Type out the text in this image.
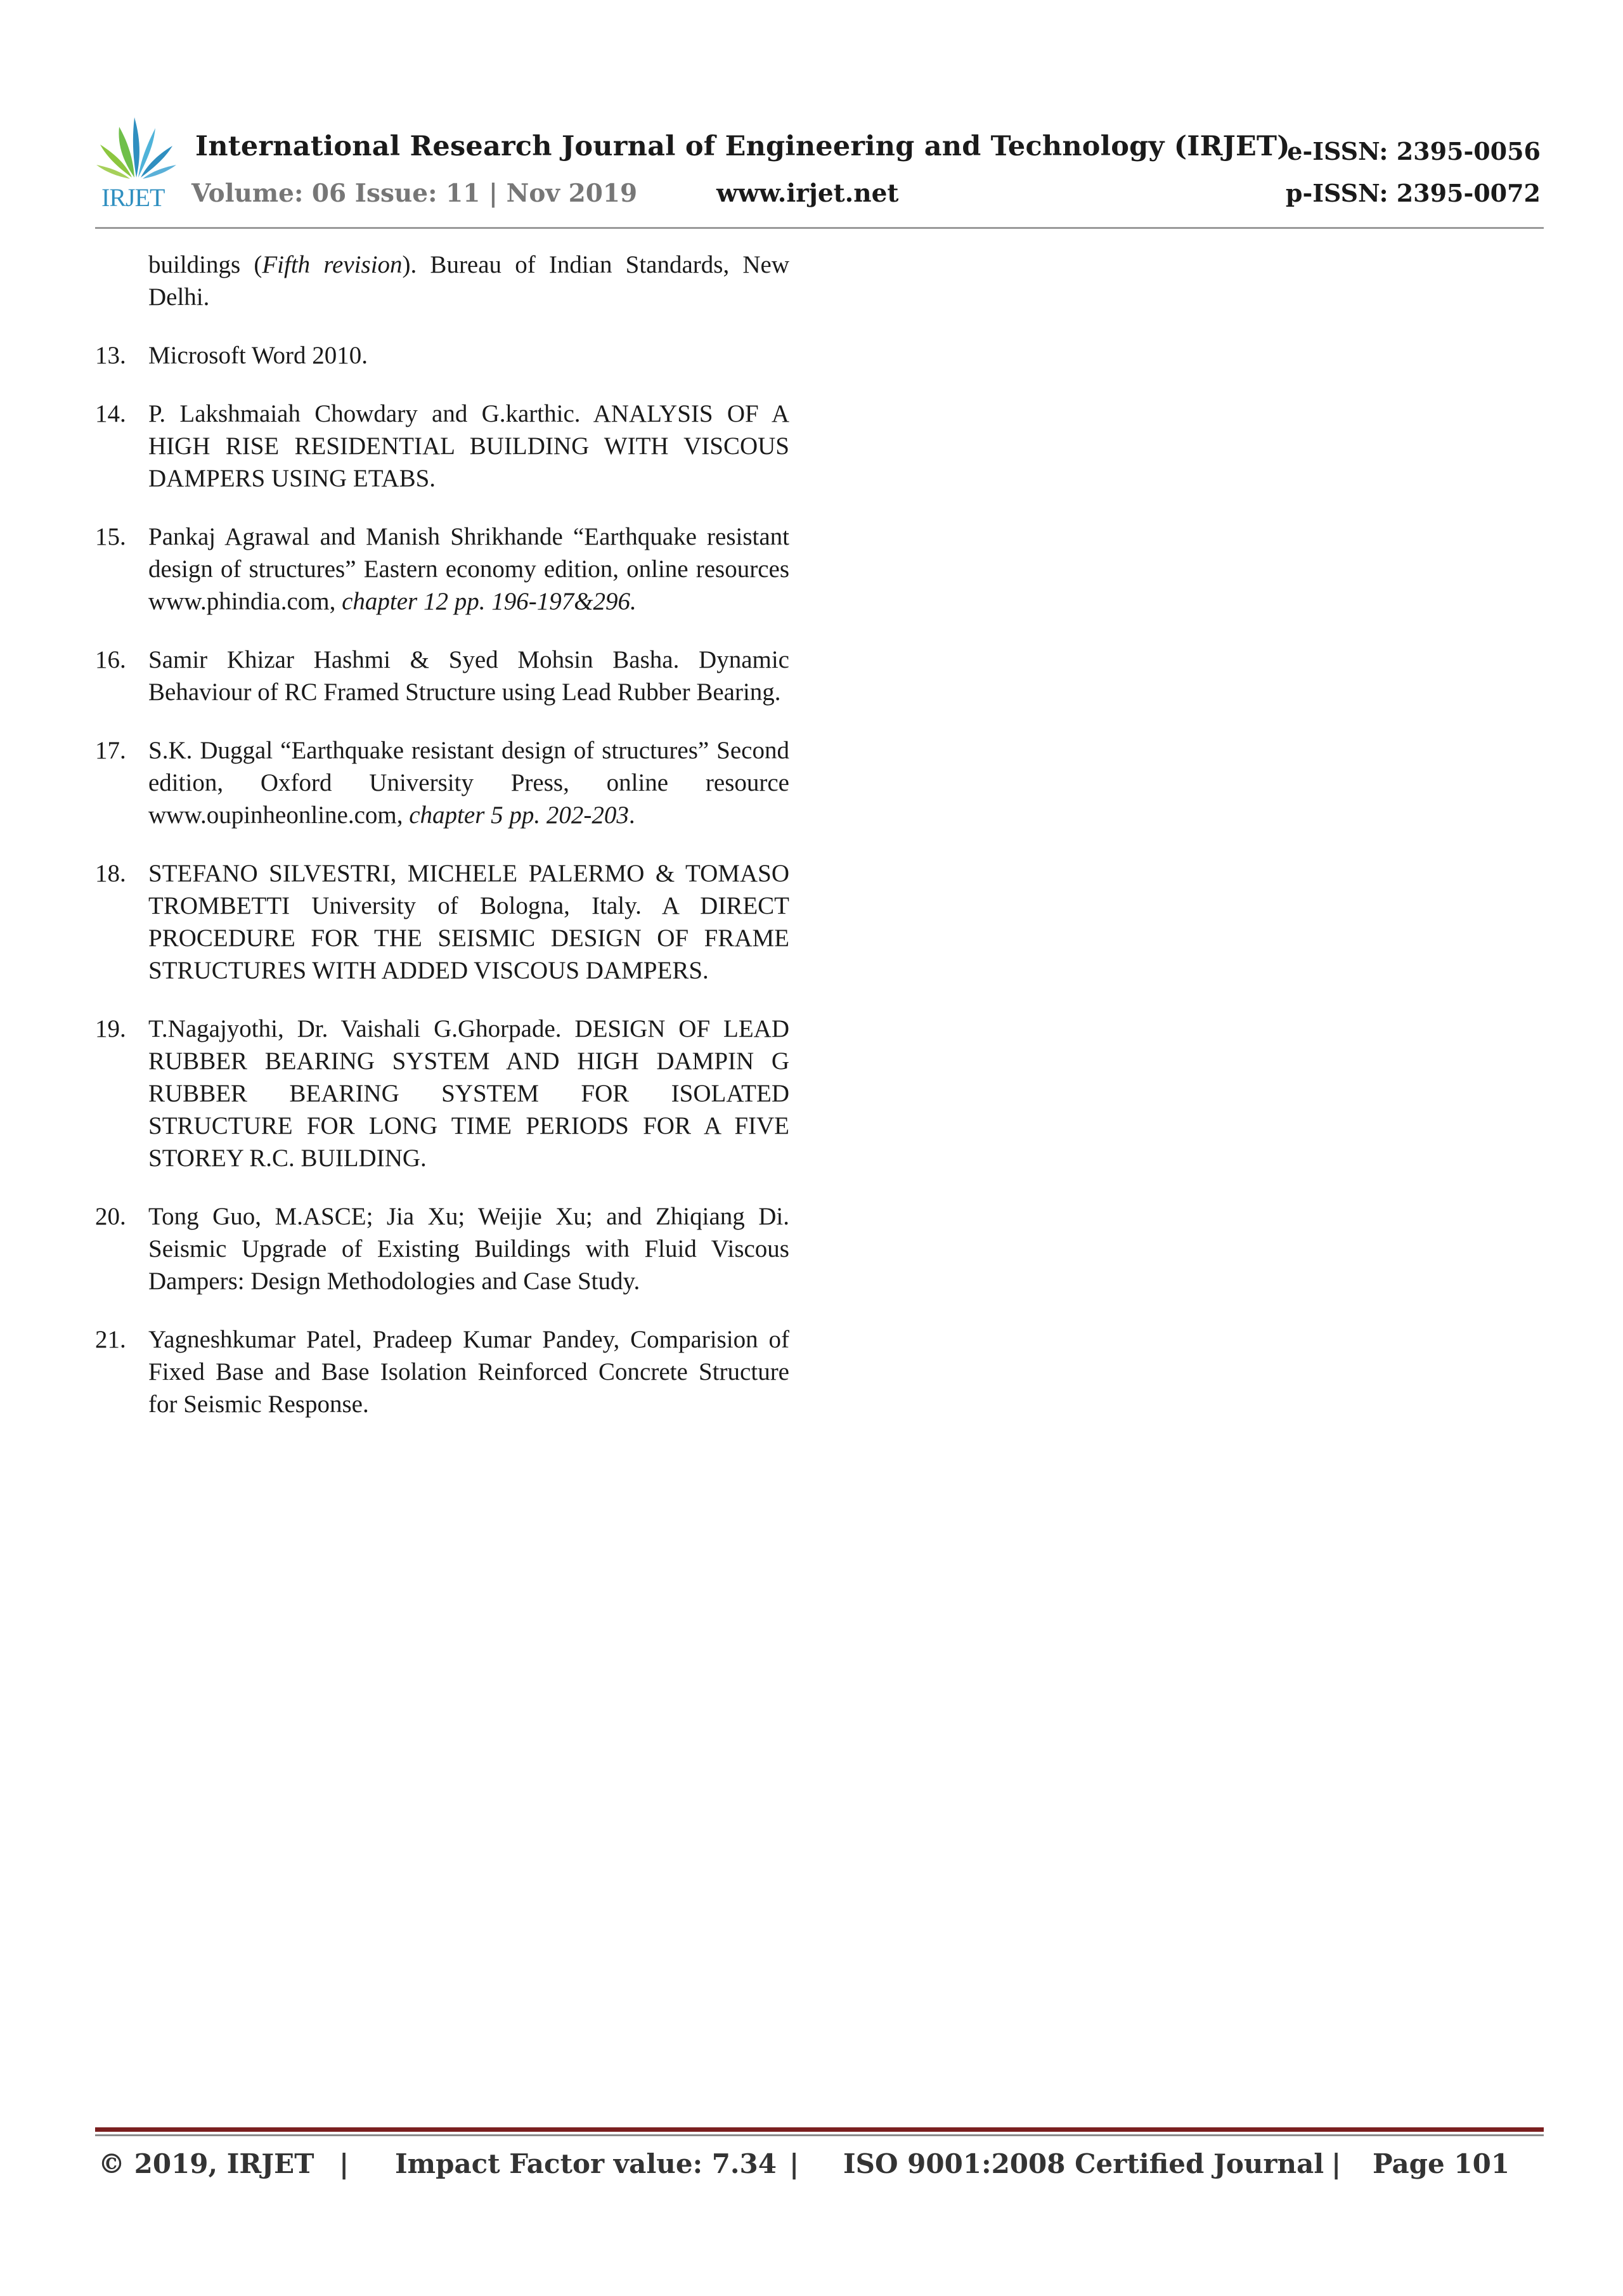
IRJET
International Research Journal of Engineering and Technology (IRJET)
e-ISSN: 2395-0056
Volume: 06 Issue: 11 | Nov 2019	www.irjet.net	p-ISSN: 2395-0072
buildings (Fifth revision). Bureau of Indian Standards, New Delhi.
13. Microsoft Word 2010.
14. P. Lakshmaiah Chowdary and G.karthic. ANALYSIS OF A HIGH RISE RESIDENTIAL BUILDING WITH VISCOUS DAMPERS USING ETABS.
15. Pankaj Agrawal and Manish Shrikhande “Earthquake resistant design of structures” Eastern economy edition, online resources www.phindia.com, chapter 12 pp. 196-197&296.
16. Samir Khizar Hashmi & Syed Mohsin Basha. Dynamic Behaviour of RC Framed Structure using Lead Rubber Bearing.
17. S.K. Duggal “Earthquake resistant design of structures” Second edition, Oxford University Press, online resource www.oupinheonline.com, chapter 5 pp. 202-203.
18. STEFANO SILVESTRI, MICHELE PALERMO & TOMASO TROMBETTI University of Bologna, Italy. A DIRECT PROCEDURE FOR THE SEISMIC DESIGN OF FRAME STRUCTURES WITH ADDED VISCOUS DAMPERS.
19. T.Nagajyothi, Dr. Vaishali G.Ghorpade. DESIGN OF LEAD RUBBER BEARING SYSTEM AND HIGH DAMPIN G RUBBER BEARING SYSTEM FOR ISOLATED STRUCTURE FOR LONG TIME PERIODS FOR A FIVE STOREY R.C. BUILDING.
20. Tong Guo, M.ASCE; Jia Xu; Weijie Xu; and Zhiqiang Di. Seismic Upgrade of Existing Buildings with Fluid Viscous Dampers: Design Methodologies and Case Study.
21. Yagneshkumar Patel, Pradeep Kumar Pandey, Comparision of Fixed Base and Base Isolation Reinforced Concrete Structure for Seismic Response.
© 2019, IRJET | Impact Factor value: 7.34 | ISO 9001:2008 Certified Journal | Page 101
